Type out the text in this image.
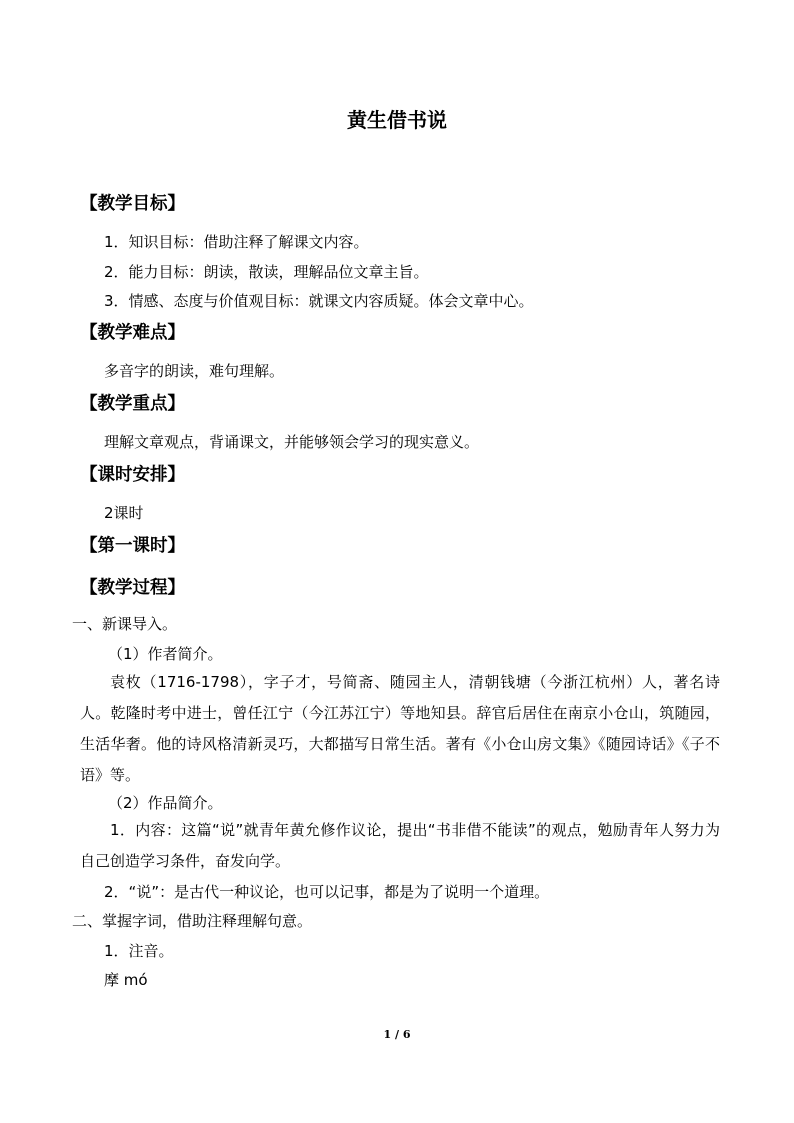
黄生借书说
【教学目标】
1．知识目标：借助注释了解课文内容。
2．能力目标：朗读，散读，理解品位文章主旨。
3．情感、态度与价值观目标：就课文内容质疑。体会文章中心。
【教学难点】
多音字的朗读，难句理解。
【教学重点】
理解文章观点，背诵课文，并能够领会学习的现实意义。
【课时安排】
2课时
【第一课时】
【教学过程】
一、新课导入。
（1）作者简介。
袁枚（1716-1798），字子才，号简斋、随园主人，清朝钱塘（今浙江杭州）人，著名诗人。乾隆时考中进士，曾任江宁（今江苏江宁）等地知县。辞官后居住在南京小仓山，筑随园，生活华奢。他的诗风格清新灵巧，大都描写日常生活。著有《小仓山房文集》《随园诗话》《子不语》等。
（2）作品简介。
1．内容：这篇“说”就青年黄允修作议论，提出“书非借不能读”的观点，勉励青年人努力为自己创造学习条件，奋发向学。
2．“说”：是古代一种议论，也可以记事，都是为了说明一个道理。
二、掌握字词，借助注释理解句意。
1．注音。
摩 mó
1 / 6
